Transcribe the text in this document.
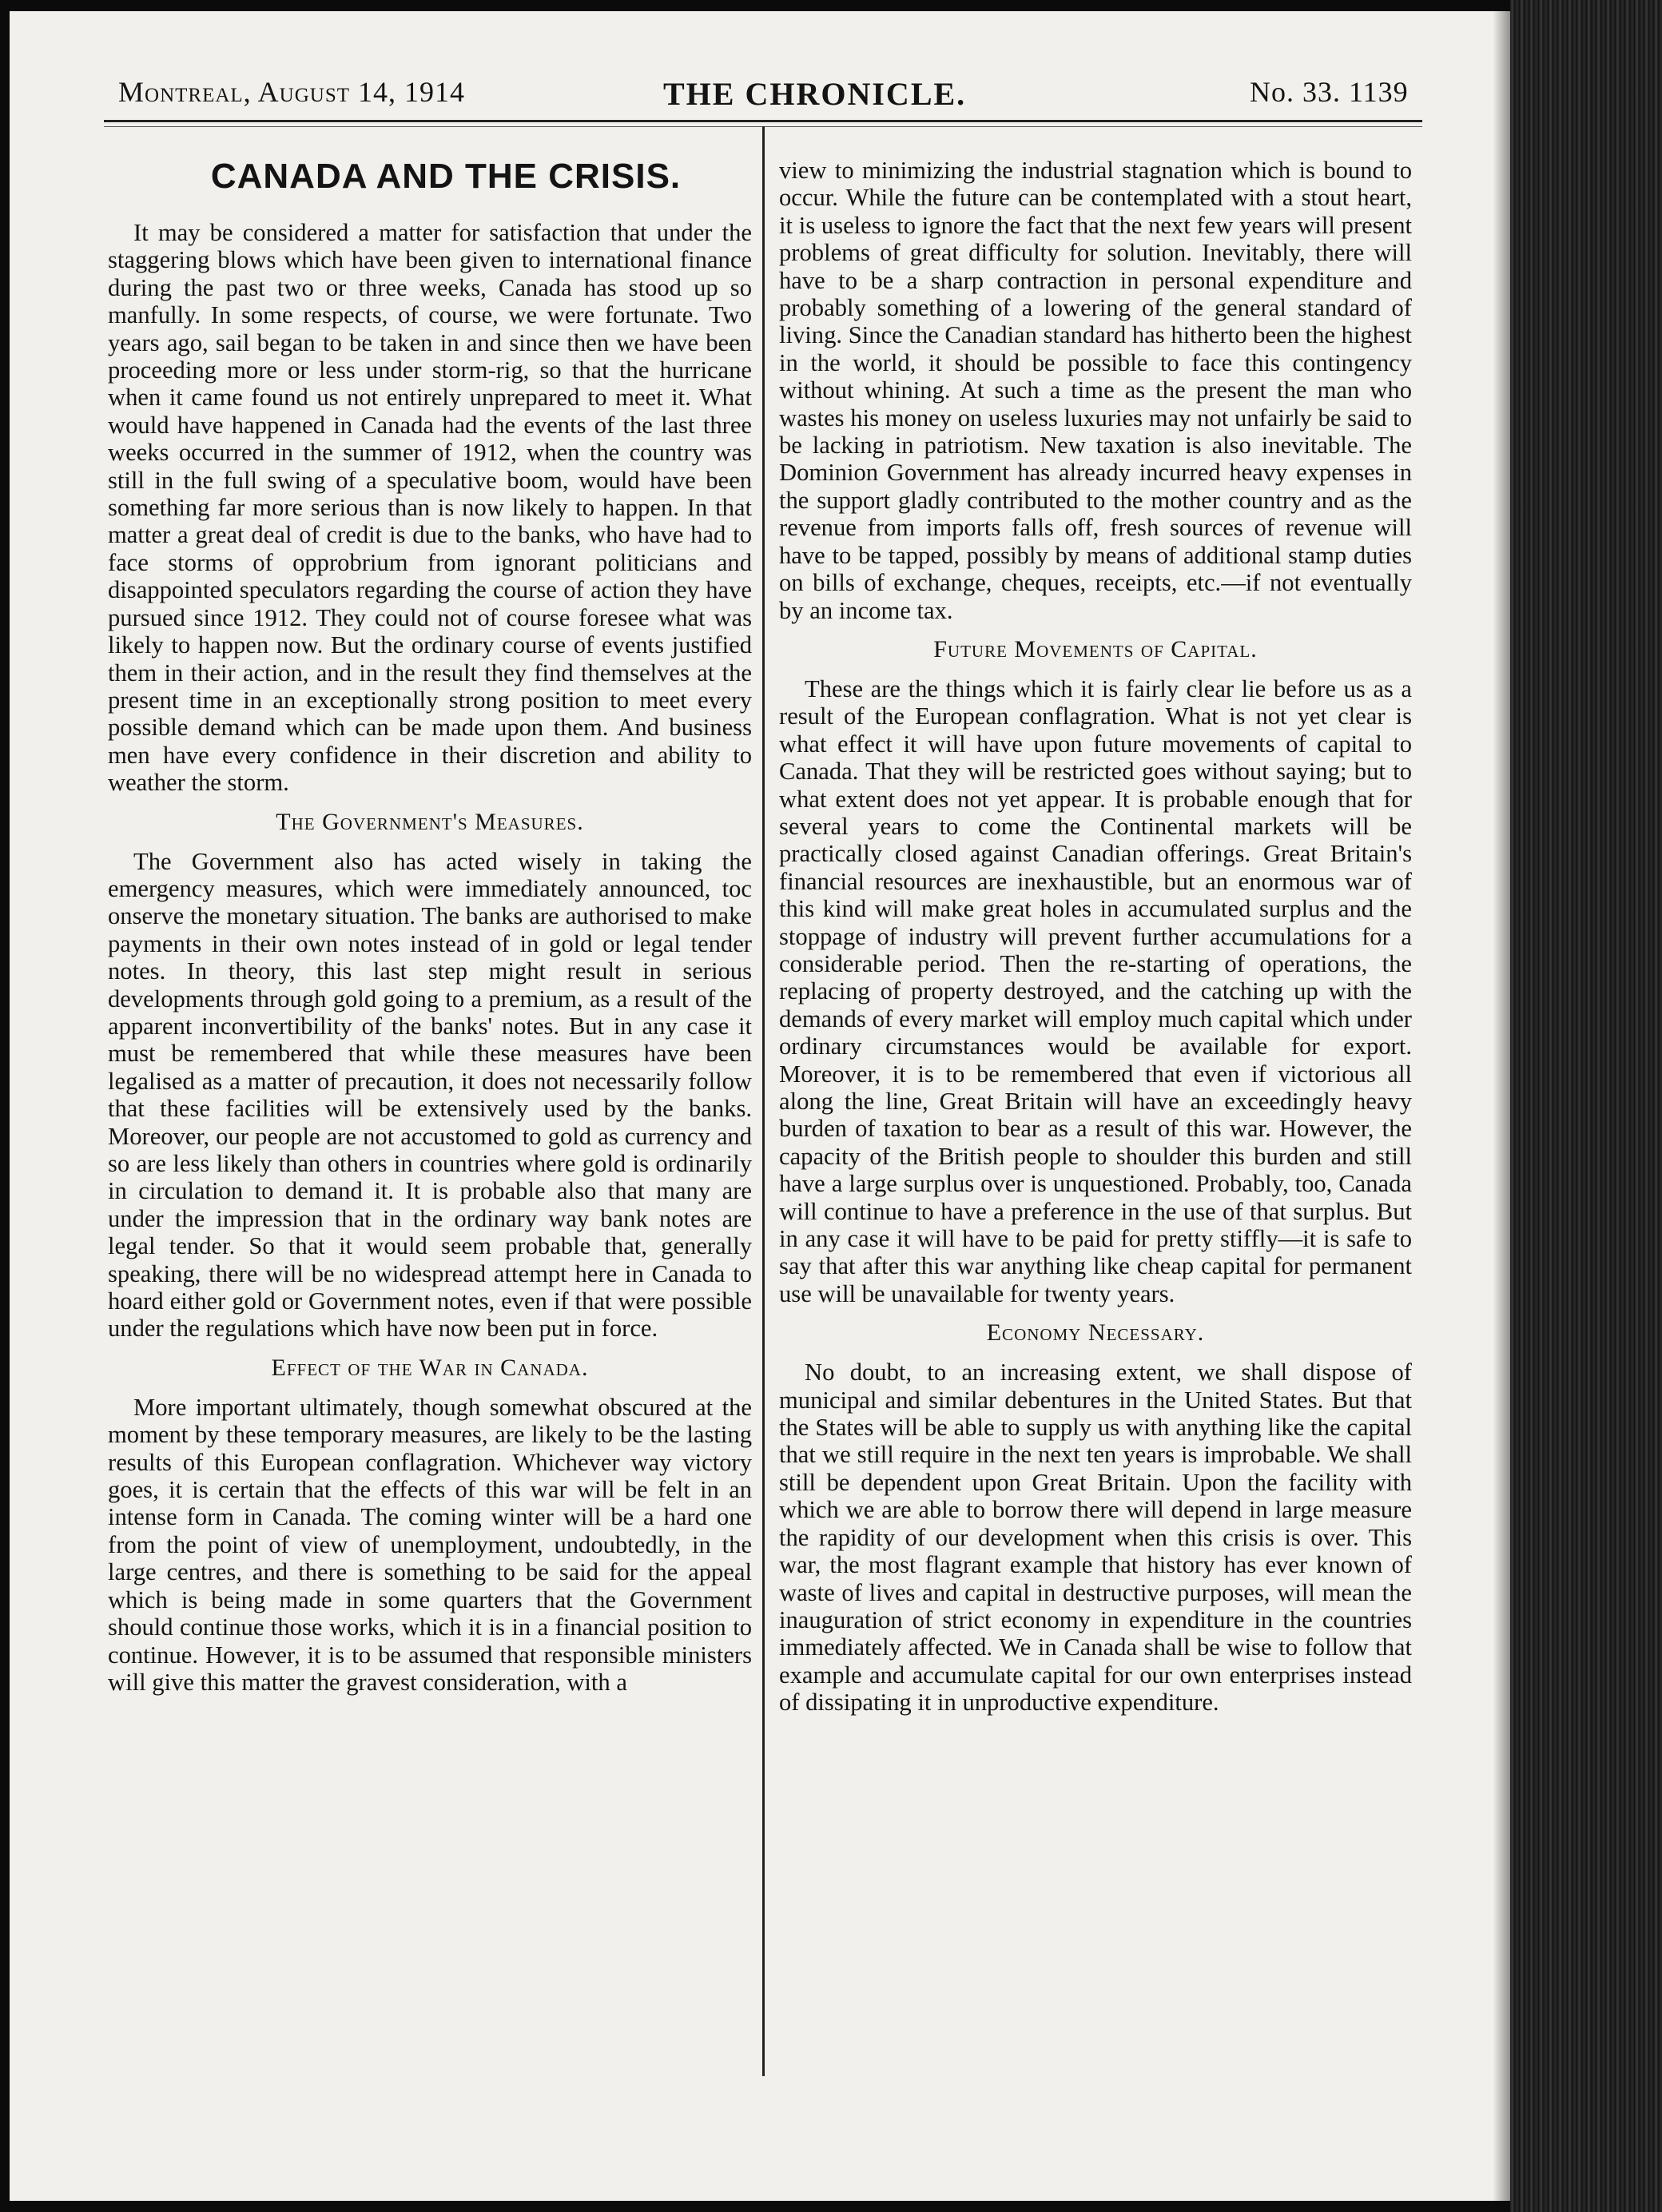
Montreal, August 14, 1914	THE CHRONICLE.	No. 33. 1139
CANADA AND THE CRISIS.

It may be considered a matter for satisfaction that under the staggering blows which have been given to international finance during the past two or three weeks, Canada has stood up so manfully. In some respects, of course, we were fortunate. Two years ago, sail began to be taken in and since then we have been proceeding more or less under storm-rig, so that the hurricane when it came found us not entirely unprepared to meet it. What would have happened in Canada had the events of the last three weeks occurred in the summer of 1912, when the country was still in the full swing of a speculative boom, would have been something far more serious than is now likely to happen. In that matter a great deal of credit is due to the banks, who have had to face storms of opprobrium from ignorant politicians and disappointed speculators regarding the course of action they have pursued since 1912. They could not of course foresee what was likely to happen now. But the ordinary course of events justified them in their action, and in the result they find themselves at the present time in an exceptionally strong position to meet every possible demand which can be made upon them. And business men have every confidence in their discretion and ability to weather the storm.

The Government's Measures.

The Government also has acted wisely in taking the emergency measures, which were immediately announced, toc onserve the monetary situation. The banks are authorised to make payments in their own notes instead of in gold or legal tender notes. In theory, this last step might result in serious developments through gold going to a premium, as a result of the apparent inconvertibility of the banks' notes. But in any case it must be remembered that while these measures have been legalised as a matter of precaution, it does not necessarily follow that these facilities will be extensively used by the banks. Moreover, our people are not accustomed to gold as currency and so are less likely than others in countries where gold is ordinarily in circulation to demand it. It is probable also that many are under the impression that in the ordinary way bank notes are legal tender. So that it would seem probable that, generally speaking, there will be no widespread attempt here in Canada to hoard either gold or Government notes, even if that were possible under the regulations which have now been put in force.

Effect of the War in Canada.

More important ultimately, though somewhat obscured at the moment by these temporary measures, are likely to be the lasting results of this European conflagration. Whichever way victory goes, it is certain that the effects of this war will be felt in an intense form in Canada. The coming winter will be a hard one from the point of view of unemployment, undoubtedly, in the large centres, and there is something to be said for the appeal which is being made in some quarters that the Government should continue those works, which it is in a financial position to continue. However, it is to be assumed that responsible ministers will give this matter the gravest consideration, with a

view to minimizing the industrial stagnation which is bound to occur. While the future can be contemplated with a stout heart, it is useless to ignore the fact that the next few years will present problems of great difficulty for solution. Inevitably, there will have to be a sharp contraction in personal expenditure and probably something of a lowering of the general standard of living. Since the Canadian standard has hitherto been the highest in the world, it should be possible to face this contingency without whining. At such a time as the present the man who wastes his money on useless luxuries may not unfairly be said to be lacking in patriotism. New taxation is also inevitable. The Dominion Government has already incurred heavy expenses in the support gladly contributed to the mother country and as the revenue from imports falls off, fresh sources of revenue will have to be tapped, possibly by means of additional stamp duties on bills of exchange, cheques, receipts, etc.—if not eventually by an income tax.

Future Movements of Capital.

These are the things which it is fairly clear lie before us as a result of the European conflagration. What is not yet clear is what effect it will have upon future movements of capital to Canada. That they will be restricted goes without saying; but to what extent does not yet appear. It is probable enough that for several years to come the Continental markets will be practically closed against Canadian offerings. Great Britain's financial resources are inexhaustible, but an enormous war of this kind will make great holes in accumulated surplus and the stoppage of industry will prevent further accumulations for a considerable period. Then the re-starting of operations, the replacing of property destroyed, and the catching up with the demands of every market will employ much capital which under ordinary circumstances would be available for export. Moreover, it is to be remembered that even if victorious all along the line, Great Britain will have an exceedingly heavy burden of taxation to bear as a result of this war. However, the capacity of the British people to shoulder this burden and still have a large surplus over is unquestioned. Probably, too, Canada will continue to have a preference in the use of that surplus. But in any case it will have to be paid for pretty stiffly—it is safe to say that after this war anything like cheap capital for permanent use will be unavailable for twenty years.

Economy Necessary.

No doubt, to an increasing extent, we shall dispose of municipal and similar debentures in the United States. But that the States will be able to supply us with anything like the capital that we still require in the next ten years is improbable. We shall still be dependent upon Great Britain. Upon the facility with which we are able to borrow there will depend in large measure the rapidity of our development when this crisis is over. This war, the most flagrant example that history has ever known of waste of lives and capital in destructive purposes, will mean the inauguration of strict economy in expenditure in the countries immediately affected. We in Canada shall be wise to follow that example and accumulate capital for our own enterprises instead of dissipating it in unproductive expenditure.
